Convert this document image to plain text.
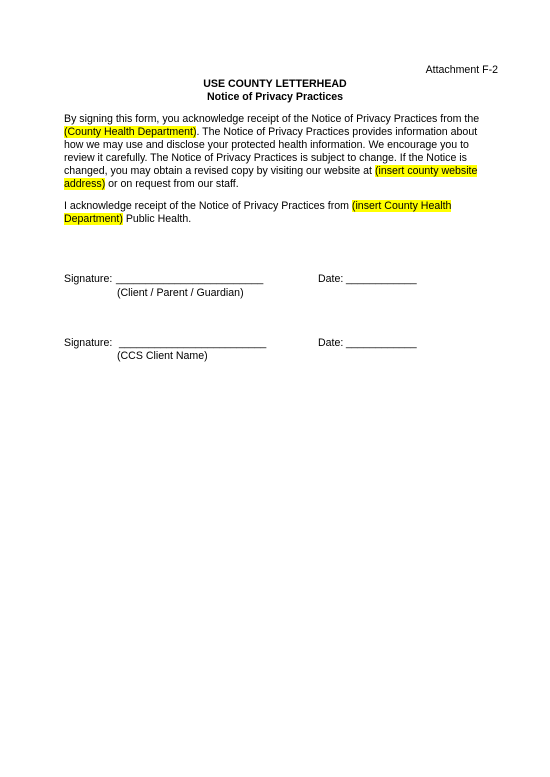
Attachment F-2
USE COUNTY LETTERHEAD
Notice of Privacy Practices
By signing this form, you acknowledge receipt of the Notice of Privacy Practices from the (County Health Department). The Notice of Privacy Practices provides information about how we may use and disclose your protected health information. We encourage you to review it carefully. The Notice of Privacy Practices is subject to change. If the Notice is changed, you may obtain a revised copy by visiting our website at (insert county website address) or on request from our staff.
I acknowledge receipt of the Notice of Privacy Practices from (insert County Health Department) Public Health.

Signature:

_________________________

	Date:

____________

(Client / Parent / Guardian)

Signature:

_________________________

	Date:

____________

(CCS Client Name)
